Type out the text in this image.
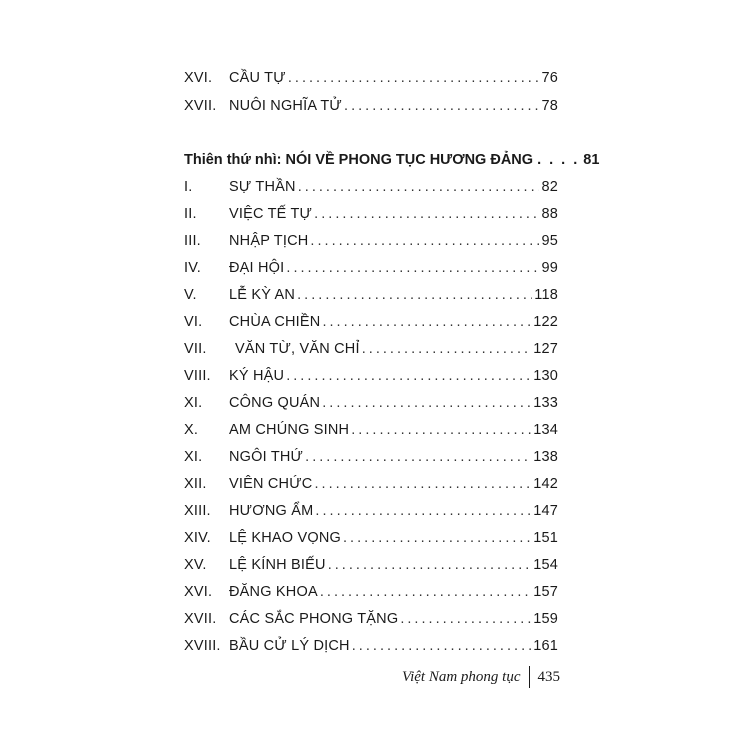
XVI. CẦU TỰ . . .	76
XVII. NUÔI NGHĨA TỬ . . .	78
Thiên thứ nhì: NÓI VỀ PHONG TỤC HƯƠNG ĐẢNG . . . . 81
I.	SỰ THẦN . . .	82
II. VIỆC TẾ TỰ . . .	88
III. NHẬP TỊCH . . .	95
IV. ĐẠI HỘI . . .	99
V. LỄ KỲ AN . . .	118
VI. CHÙA CHIỀN . . .	122
VII. VĂN TỪ, VĂN CHỈ . . .	127
VIII. KÝ HẬU . . .	130
XI. CÔNG QUÁN . . .	133
X. AM CHÚNG SINH . . .	134
XI. NGÔI THỨ . . .	138
XII. VIÊN CHỨC . . .	142
XIII. HƯƠNG ẨM . . .	147
XIV. LỆ KHAO VỌNG . . .	151
XV. LỆ KÍNH BIẾU . . .	154
XVI. ĐĂNG KHOA . . .	157
XVII. CÁC SẮC PHONG TẶNG . . .	159
XVIII. BẦU CỬ LÝ DỊCH . . .	161
Việt Nam phong tục	435
